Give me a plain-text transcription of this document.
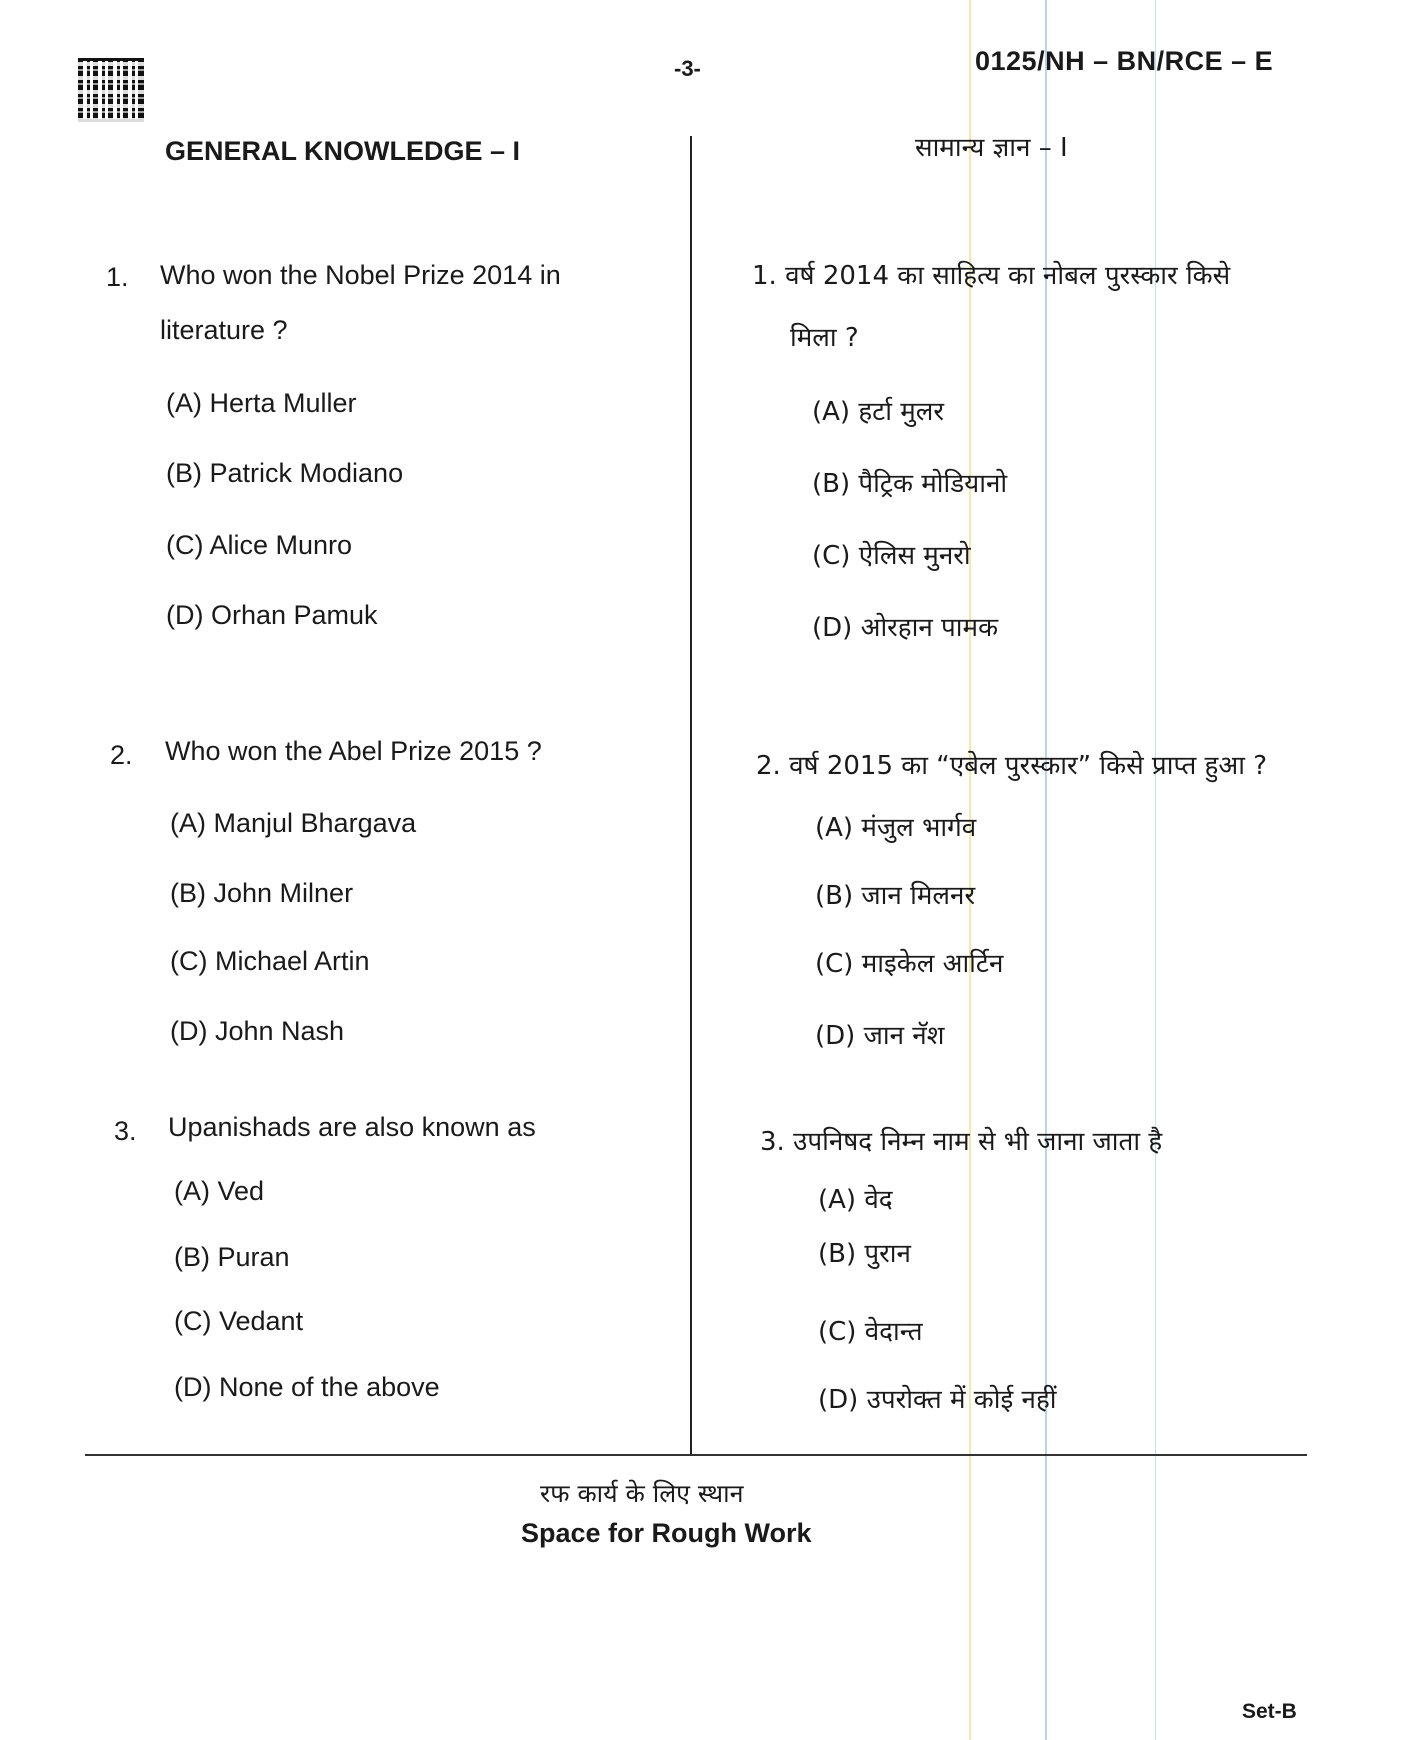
-3-	0125/NH – BN/RCE – E
GENERAL KNOWLEDGE – I	सामान्य ज्ञान – I
1. Who won the Nobel Prize 2014 in
literature ?
(A) Herta Muller
(B) Patrick Modiano
(C) Alice Munro
(D) Orhan Pamuk
2. Who won the Abel Prize 2015 ?
(A) Manjul Bhargava
(B) John Milner
(C) Michael Artin
(D) John Nash
3. Upanishads are also known as
(A) Ved
(B) Puran
(C) Vedant
(D) None of the above
1. वर्ष 2014 का साहित्य का नोबल पुरस्कार किसे
मिला ?
(A) हर्टा मुलर
(B) पैट्रिक मोडियानो
(C) ऐलिस मुनरो
(D) ओरहान पामक
2. वर्ष 2015 का “एबेल पुरस्कार” किसे प्राप्त हुआ ?
(A) मंजुल भार्गव
(B) जान मिलनर
(C) माइकेल आर्टिन
(D) जान नॅश
3. उपनिषद निम्न नाम से भी जाना जाता है
(A) वेद
(B) पुरान
(C) वेदान्त
(D) उपरोक्त में कोई नहीं
रफ कार्य के लिए स्थान
Space for Rough Work
Set-B
